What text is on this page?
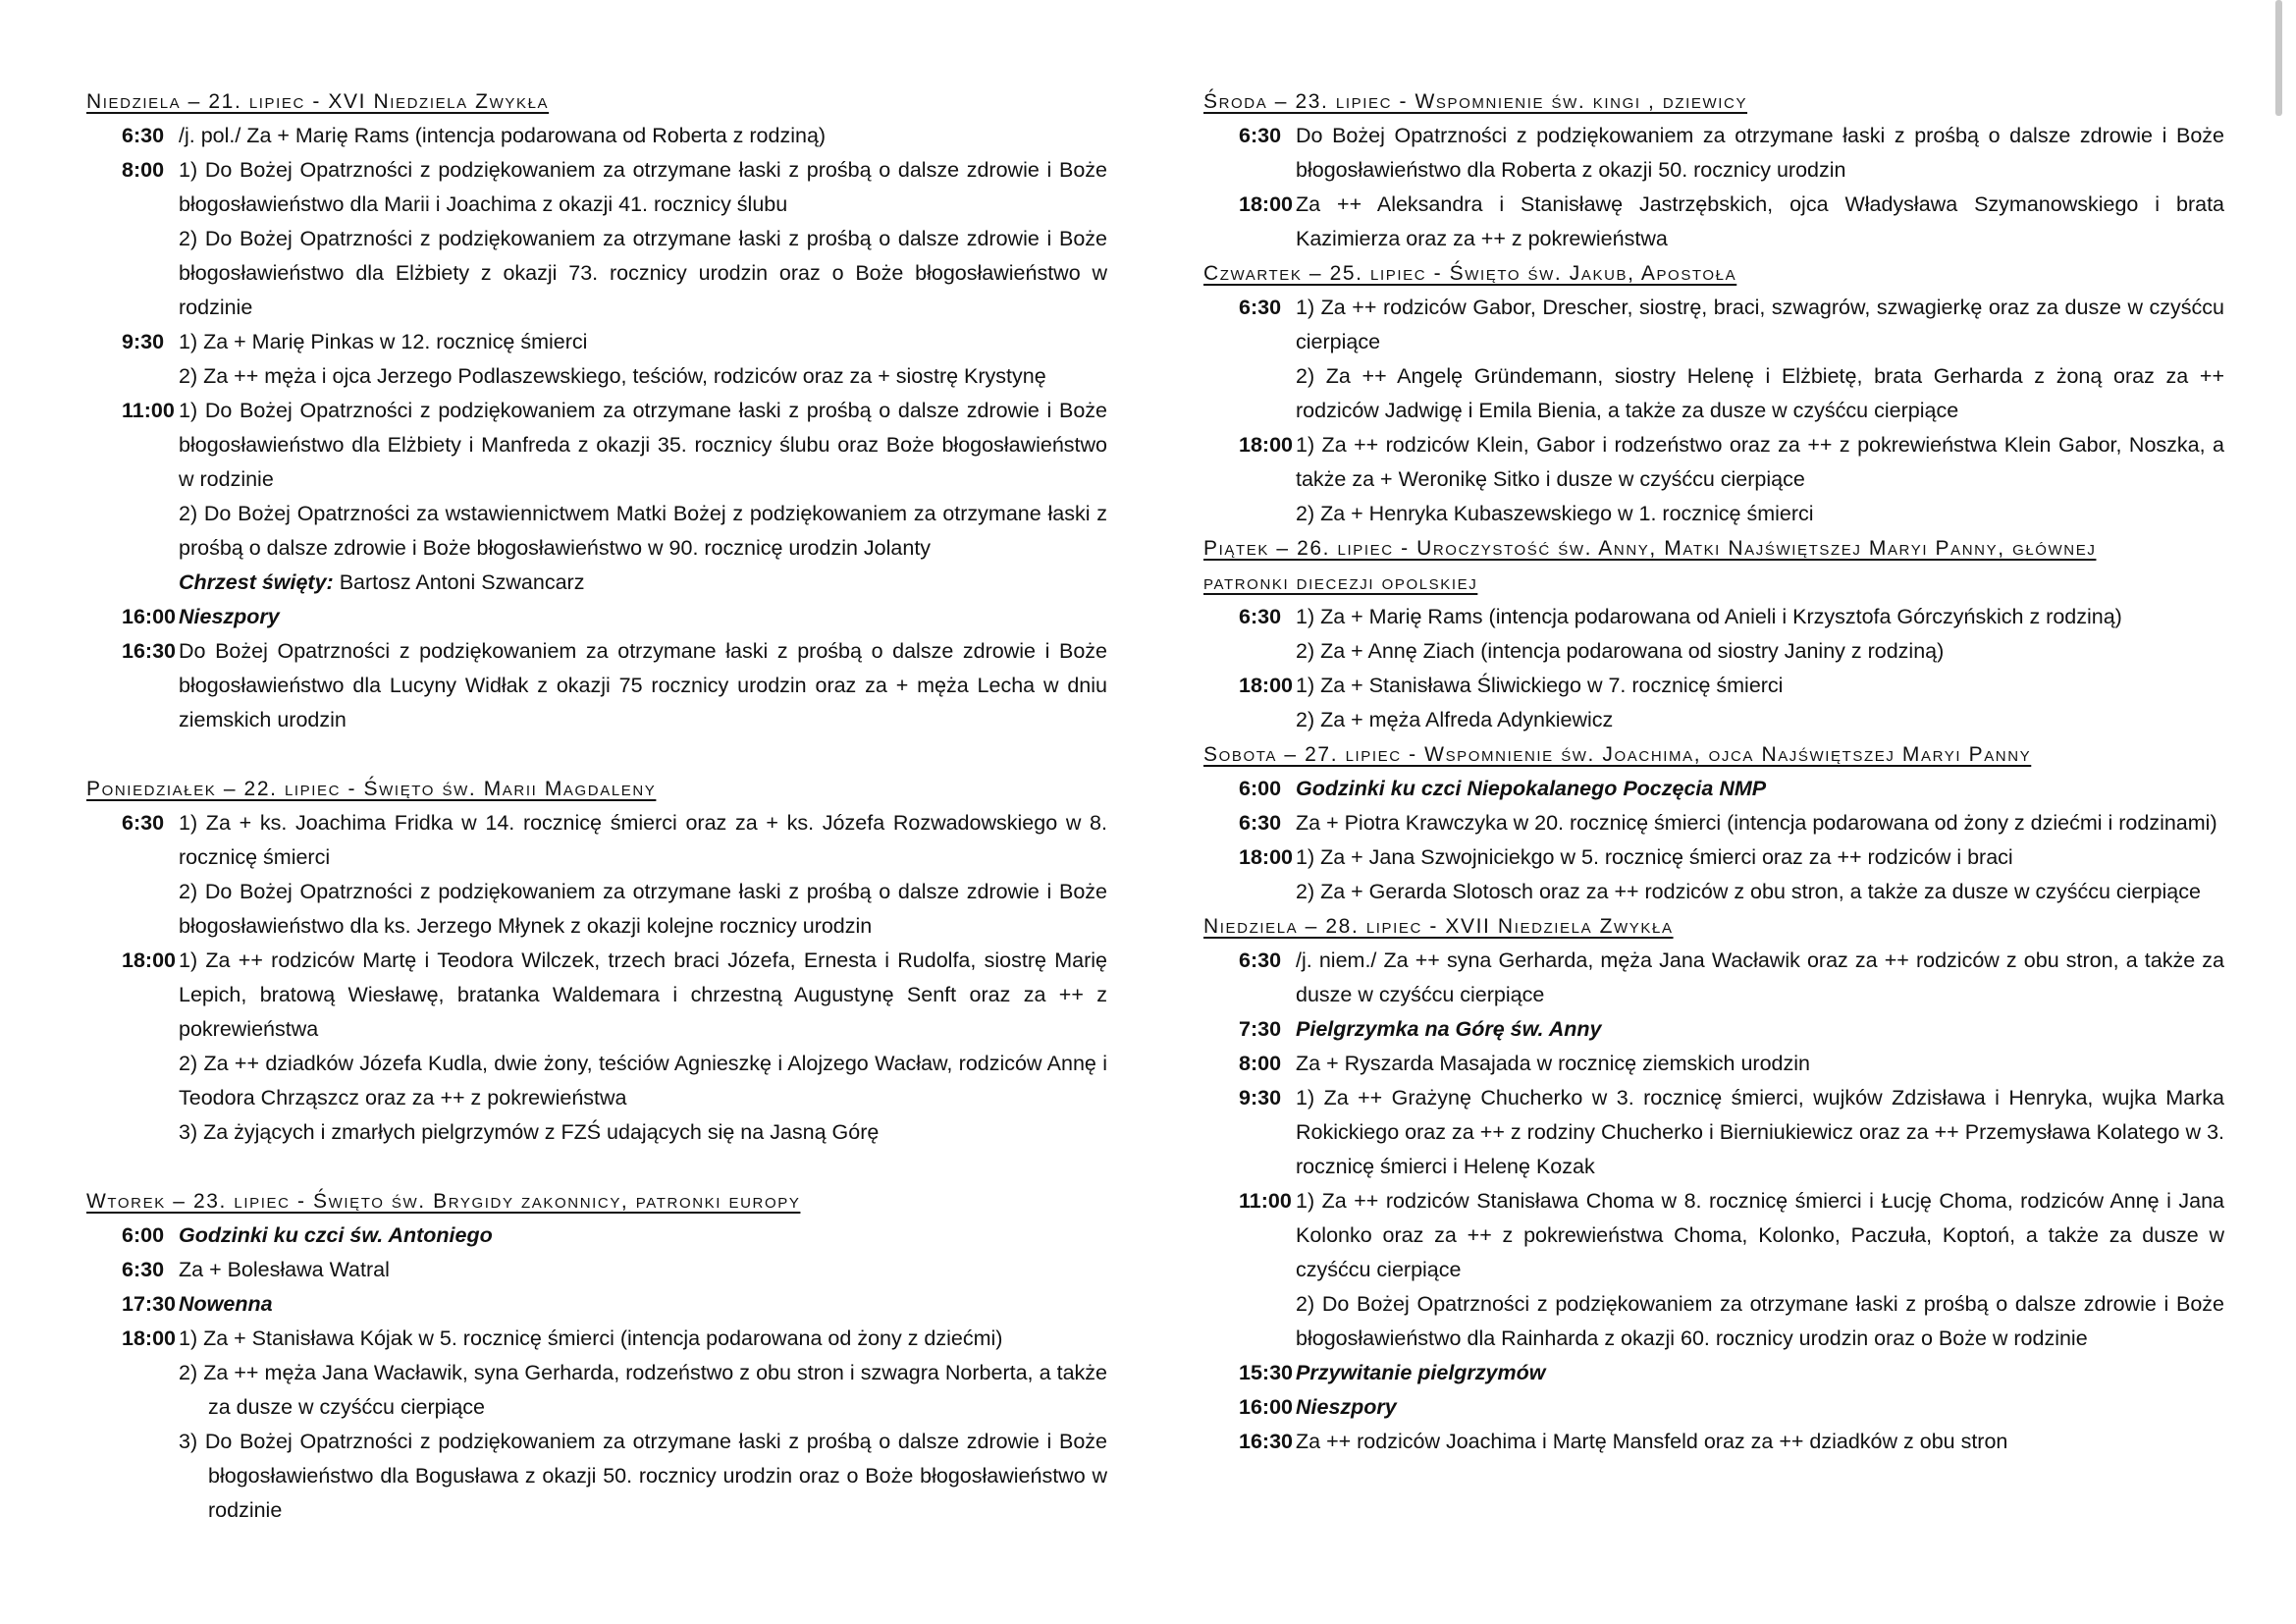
Niedziela – 21. lipiec - XVI Niedziela Zwykła
6:30 /j. pol./ Za + Marię Rams (intencja podarowana od Roberta z rodziną)
8:00 1) Do Bożej Opatrzności z podziękowaniem za otrzymane łaski z prośbą o dalsze zdrowie i Boże błogosławieństwo dla Marii i Joachima z okazji 41. rocznicy ślubu
2) Do Bożej Opatrzności z podziękowaniem za otrzymane łaski z prośbą o dalsze zdrowie i Boże błogosławieństwo dla Elżbiety z okazji 73. rocznicy urodzin oraz o Boże błogosławieństwo w rodzinie
9:30 1) Za + Marię Pinkas w 12. rocznicę śmierci
2) Za ++ męża i ojca Jerzego Podlaszewskiego, teściów, rodziców oraz za + siostrę Krystynę
11:00 1) Do Bożej Opatrzności z podziękowaniem za otrzymane łaski z prośbą o dalsze zdrowie i Boże błogosławieństwo dla Elżbiety i Manfreda z okazji 35. rocznicy ślubu oraz Boże błogosławieństwo w rodzinie
2) Do Bożej Opatrzności za wstawiennictwem Matki Bożej z podziękowaniem za otrzymane łaski z prośbą o dalsze zdrowie i Boże błogosławieństwo w 90. rocznicę urodzin Jolanty
Chrzest święty: Bartosz Antoni Szwancarz
16:00 Nieszpory
16:30 Do Bożej Opatrzności z podziękowaniem za otrzymane łaski z prośbą o dalsze zdrowie i Boże błogosławieństwo dla Lucyny Widłak z okazji 75 rocznicy urodzin oraz za + męża Lecha w dniu ziemskich urodzin
Poniedziałek – 22. lipiec - Święto św. Marii Magdaleny
6:30 1) Za + ks. Joachima Fridka w 14. rocznicę śmierci oraz za + ks. Józefa Rozwadowskiego w 8. rocznicę śmierci
2) Do Bożej Opatrzności z podziękowaniem za otrzymane łaski z prośbą o dalsze zdrowie i Boże błogosławieństwo dla ks. Jerzego Młynek z okazji kolejne rocznicy urodzin
18:00 1) Za ++ rodziców Martę i Teodora Wilczek, trzech braci Józefa, Ernesta i Rudolfa, siostrę Marię Lepich, bratową Wiesławę, bratanka Waldemara i chrzestną Augustynę Senft oraz za ++ z pokrewieństwa
2) Za ++ dziadków Józefa Kudla, dwie żony, teściów Agnieszkę i Alojzego Wacław, rodziców Annę i Teodora Chrząszcz oraz za ++ z pokrewieństwa
3) Za żyjących i zmarłych pielgrzymów z FZŚ udających się na Jasną Górę
Wtorek – 23. lipiec - Święto św. Brygidy zakonnicy, patronki europy
6:00 Godzinki ku czci św. Antoniego
6:30 Za + Bolesława Watral
17:30 Nowenna
18:00 1) Za + Stanisława Kójak w 5. rocznicę śmierci (intencja podarowana od żony z dziećmi)
2) Za ++ męża Jana Wacławik, syna Gerharda, rodzeństwo z obu stron i szwagra Norberta, a także za dusze w czyśćcu cierpiące
3) Do Bożej Opatrzności z podziękowaniem za otrzymane łaski z prośbą o dalsze zdrowie i Boże błogosławieństwo dla Bogusława z okazji 50. rocznicy urodzin oraz o Boże błogosławieństwo w rodzinie
Środa – 23. lipiec - Wspomnienie św. kingi , dziewicy
6:30 Do Bożej Opatrzności z podziękowaniem za otrzymane łaski z prośbą o dalsze zdrowie i Boże błogosławieństwo dla Roberta z okazji 50. rocznicy urodzin
18:00 Za ++ Aleksandra i Stanisławę Jastrzębskich, ojca Władysława Szymanowskiego i brata Kazimierza oraz za ++ z pokrewieństwa
Czwartek – 25. lipiec - Święto św. Jakub, Apostoła
6:30 1) Za ++ rodziców Gabor, Drescher, siostrę, braci, szwagrów, szwagierkę oraz za dusze w czyśćcu cierpiące
2) Za ++ Angelę Gründemann, siostry Helenę i Elżbietę, brata Gerharda z żoną oraz za ++ rodziców Jadwigę i Emila Bienia, a także za dusze w czyśćcu cierpiące
18:00 1) Za ++ rodziców Klein, Gabor i rodzeństwo oraz za ++ z pokrewieństwa Klein Gabor, Noszka, a także za + Weronikę Sitko i dusze w czyśćcu cierpiące
2) Za + Henryka Kubaszewskiego w 1. rocznicę śmierci
Piątek – 26. lipiec - Uroczystość św. Anny, Matki Najświętszej Maryi Panny, głównej
patronki diecezji opolskiej
6:30 1) Za + Marię Rams (intencja podarowana od Anieli i Krzysztofa Górczyńskich z rodziną)
2) Za + Annę Ziach (intencja podarowana od siostry Janiny z rodziną)
18:00 1) Za + Stanisława Śliwickiego w 7. rocznicę śmierci
2) Za + męża Alfreda Adynkiewicz
Sobota – 27. lipiec - Wspomnienie św. Joachima, ojca Najświętszej Maryi Panny
6:00 Godzinki ku czci Niepokalanego Poczęcia NMP
6:30 Za + Piotra Krawczyka w 20. rocznicę śmierci (intencja podarowana od żony z dziećmi i rodzinami)
18:00 1) Za + Jana Szwojniciekgo w 5. rocznicę śmierci oraz za ++ rodziców i braci
2) Za + Gerarda Slotosch oraz za ++ rodziców z obu stron, a także za dusze w czyśćcu cierpiące
Niedziela – 28. lipiec - XVII Niedziela Zwykła
6:30 /j. niem./ Za ++ syna Gerharda, męża Jana Wacławik oraz za ++ rodziców z obu stron, a także za dusze w czyśćcu cierpiące
7:30 Pielgrzymka na Górę św. Anny
8:00 Za + Ryszarda Masajada w rocznicę ziemskich urodzin
9:30 1) Za ++ Grażynę Chucherko w 3. rocznicę śmierci, wujków Zdzisława i Henryka, wujka Marka Rokickiego oraz za ++ z rodziny Chucherko i Bierniukiewicz oraz za ++ Przemysława Kolatego w 3. rocznicę śmierci i Helenę Kozak
11:00 1) Za ++ rodziców Stanisława Choma w 8. rocznicę śmierci i Łucję Choma, rodziców Annę i Jana Kolonko oraz za ++ z pokrewieństwa Choma, Kolonko, Paczuła, Koptoń, a także za dusze w czyśćcu cierpiące
2) Do Bożej Opatrzności z podziękowaniem za otrzymane łaski z prośbą o dalsze zdrowie i Boże błogosławieństwo dla Rainharda z okazji 60. rocznicy urodzin oraz o Boże w rodzinie
15:30 Przywitanie pielgrzymów
16:00 Nieszpory
16:30 Za ++ rodziców Joachima i Martę Mansfeld oraz za ++ dziadków z obu stron
